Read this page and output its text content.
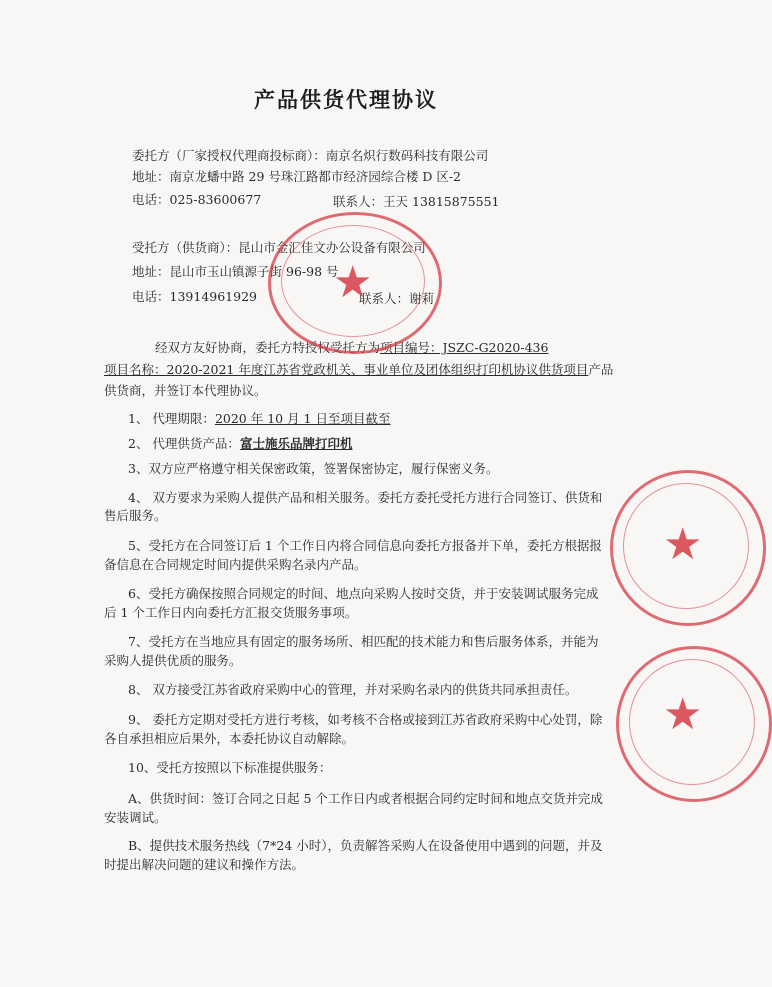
产品供货代理协议
委托方（厂家授权代理商投标商）：南京名炽行数码科技有限公司
地址：南京龙蟠中路 29 号珠江路都市经济园综合楼 D 区-2
电话：025-83600677	联系人：王天 13815875551
受托方（供货商）：昆山市金汇佳文办公设备有限公司
地址：昆山市玉山镇源子街 96-98 号
电话：13914961929	联系人：谢莉
经双方友好协商，委托方特授权受托方为项目编号：JSZC-G2020-436
项目名称：2020-2021 年度江苏省党政机关、事业单位及团体组织打印机协议供货项目产品
供货商，并签订本代理协议。
1、 代理期限：2020 年 10 月 1 日至项目截至
2、 代理供货产品：富士施乐品牌打印机
3、双方应严格遵守相关保密政策，签署保密协定，履行保密义务。
4、 双方要求为采购人提供产品和相关服务。委托方委托受托方进行合同签订、供货和
售后服务。
5、受托方在合同签订后 1 个工作日内将合同信息向委托方报备并下单，委托方根据报
备信息在合同规定时间内提供采购名录内产品。
6、受托方确保按照合同规定的时间、地点向采购人按时交货，并于安装调试服务完成
后 1 个工作日内向委托方汇报交货服务事项。
7、受托方在当地应具有固定的服务场所、相匹配的技术能力和售后服务体系，并能为
采购人提供优质的服务。
8、 双方接受江苏省政府采购中心的管理，并对采购名录内的供货共同承担责任。
9、 委托方定期对受托方进行考核，如考核不合格或接到江苏省政府采购中心处罚，除
各自承担相应后果外，本委托协议自动解除。
10、受托方按照以下标准提供服务：
A、供货时间：签订合同之日起 5 个工作日内或者根据合同约定时间和地点交货并完成
安装调试。
B、提供技术服务热线（7*24 小时），负责解答采购人在设备使用中遇到的问题，并及
时提出解决问题的建议和操作方法。
★
★
★
